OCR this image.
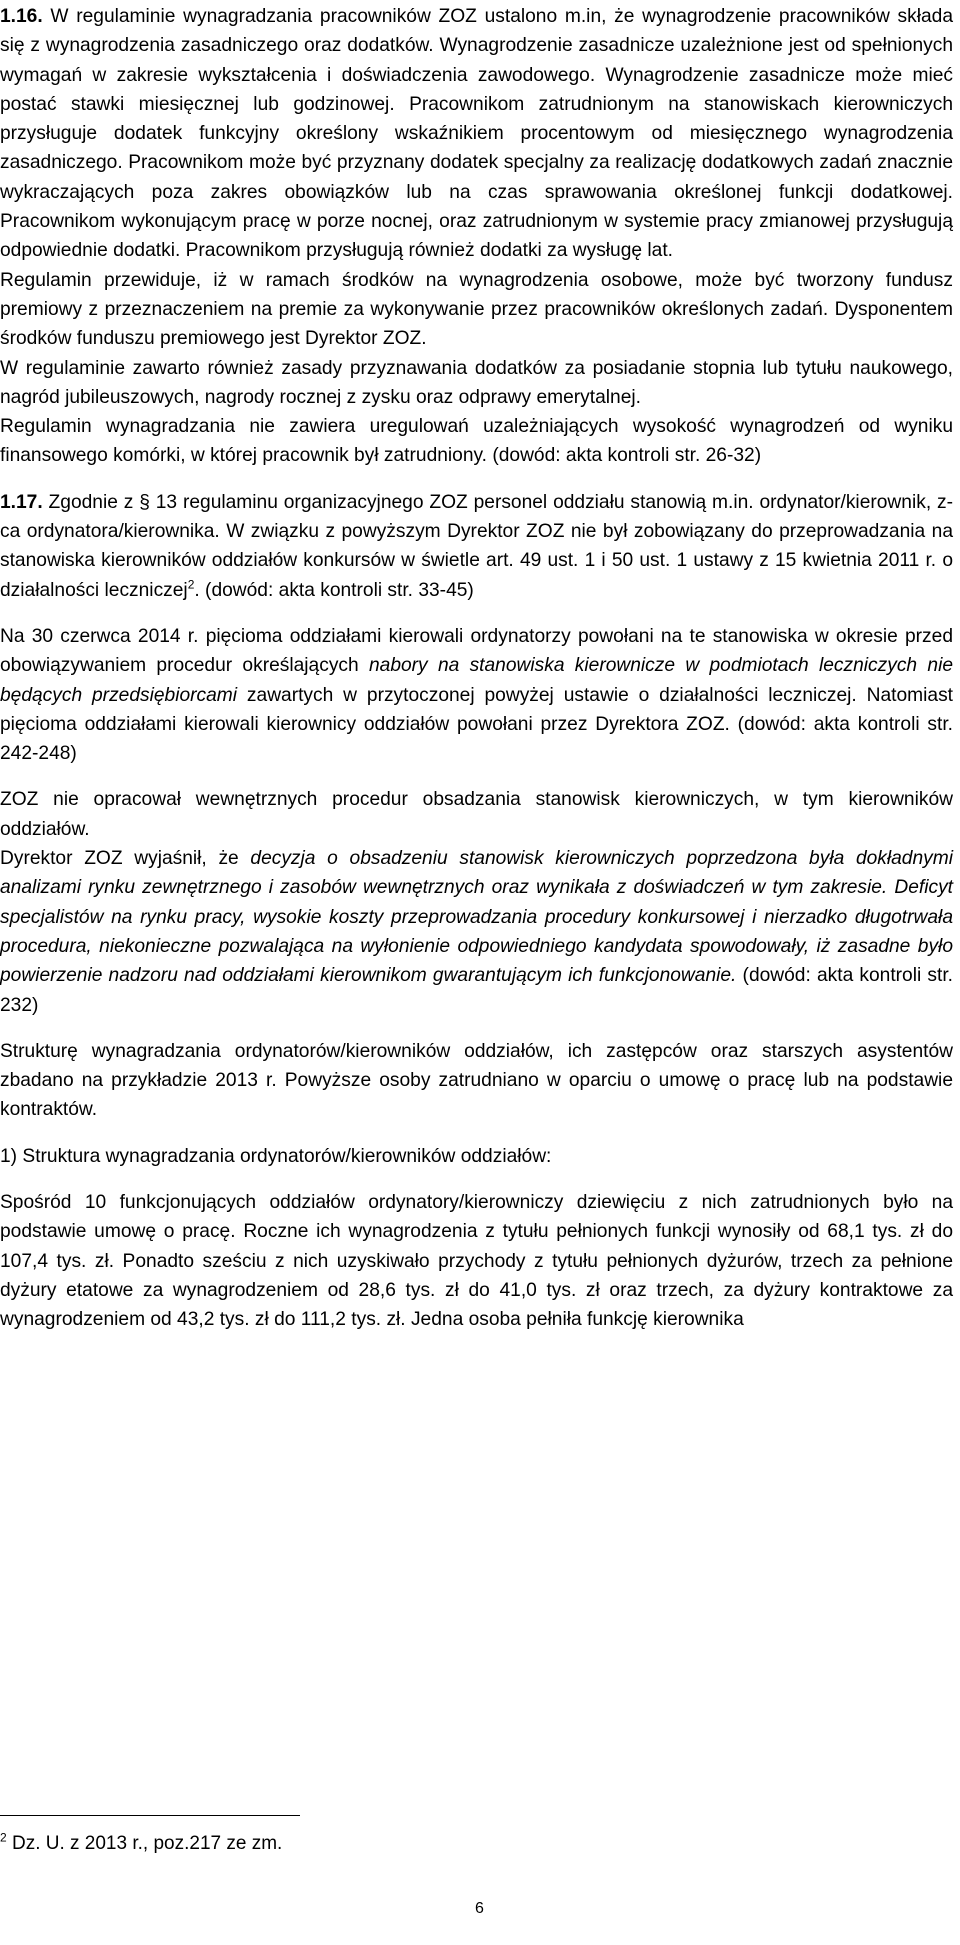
1.16. W regulaminie wynagradzania pracowników ZOZ ustalono m.in, że wynagrodzenie pracowników składa się z wynagrodzenia zasadniczego oraz dodatków. Wynagrodzenie zasadnicze uzależnione jest od spełnionych wymagań w zakresie wykształcenia i doświadczenia zawodowego. Wynagrodzenie zasadnicze może mieć postać stawki miesięcznej lub godzinowej. Pracownikom zatrudnionym na stanowiskach kierowniczych przysługuje dodatek funkcyjny określony wskaźnikiem procentowym od miesięcznego wynagrodzenia zasadniczego. Pracownikom może być przyznany dodatek specjalny za realizację dodatkowych zadań znacznie wykraczających poza zakres obowiązków lub na czas sprawowania określonej funkcji dodatkowej. Pracownikom wykonującym pracę w porze nocnej, oraz zatrudnionym w systemie pracy zmianowej przysługują odpowiednie dodatki. Pracownikom przysługują również dodatki za wysługę lat.

Regulamin przewiduje, iż w ramach środków na wynagrodzenia osobowe, może być tworzony fundusz premiowy z przeznaczeniem na premie za wykonywanie przez pracowników określonych zadań. Dysponentem środków funduszu premiowego jest Dyrektor ZOZ.

W regulaminie zawarto również zasady przyznawania dodatków za posiadanie stopnia lub tytułu naukowego, nagród jubileuszowych, nagrody rocznej z zysku oraz odprawy emerytalnej.

Regulamin wynagradzania nie zawiera uregulowań uzależniających wysokość wynagrodzeń od wyniku finansowego komórki, w której pracownik był zatrudniony. (dowód: akta kontroli str. 26-32)

1.17. Zgodnie z § 13 regulaminu organizacyjnego ZOZ personel oddziału stanowią m.in. ordynator/kierownik, z-ca ordynatora/kierownika. W związku z powyższym Dyrektor ZOZ nie był zobowiązany do przeprowadzania na stanowiska kierowników oddziałów konkursów w świetle art. 49 ust. 1 i 50 ust. 1 ustawy z 15 kwietnia 2011 r. o działalności leczniczej$^2$. (dowód: akta kontroli str. 33-45)

Na 30 czerwca 2014 r. pięcioma oddziałami kierowali ordynatorzy powołani na te stanowiska w okresie przed obowiązywaniem procedur określających nabory na stanowiska kierownicze w podmiotach leczniczych nie będących przedsiębiorcami zawartych w przytoczonej powyżej ustawie o działalności leczniczej. Natomiast pięcioma oddziałami kierowali kierownicy oddziałów powołani przez Dyrektora ZOZ. (dowód: akta kontroli str. 242-248)

ZOZ nie opracował wewnętrznych procedur obsadzania stanowisk kierowniczych, w tym kierowników oddziałów.

Dyrektor ZOZ wyjaśnił, że decyzja o obsadzeniu stanowisk kierowniczych poprzedzona była dokładnymi analizami rynku zewnętrznego i zasobów wewnętrznych oraz wynikała z doświadczeń w tym zakresie. Deficyt specjalistów na rynku pracy, wysokie koszty przeprowadzania procedury konkursowej i nierzadko długotrwała procedura, niekonieczne pozwalająca na wyłonienie odpowiedniego kandydata spowodowały, iż zasadne było powierzenie nadzoru nad oddziałami kierownikom gwarantującym ich funkcjonowanie. (dowód: akta kontroli str. 232)

Strukturę wynagradzania ordynatorów/kierowników oddziałów, ich zastępców oraz starszych asystentów zbadano na przykładzie 2013 r. Powyższe osoby zatrudniano w oparciu o umowę o pracę lub na podstawie kontraktów.

1) Struktura wynagradzania ordynatorów/kierowników oddziałów:

Spośród 10 funkcjonujących oddziałów ordynatory/kierowniczy dziewięciu z nich zatrudnionych było na podstawie umowę o pracę. Roczne ich wynagrodzenia z tytułu pełnionych funkcji wynosiły od 68,1 tys. zł do 107,4 tys. zł. Ponadto sześciu z nich uzyskiwało przychody z tytułu pełnionych dyżurów, trzech za pełnione dyżury etatowe za wynagrodzeniem od 28,6 tys. zł do 41,0 tys. zł oraz trzech, za dyżury kontraktowe za wynagrodzeniem od 43,2 tys. zł do 111,2 tys. zł. Jedna osoba pełniła funkcję kierownika

$^2$ Dz. U. z 2013 r., poz.217 ze zm.
6
